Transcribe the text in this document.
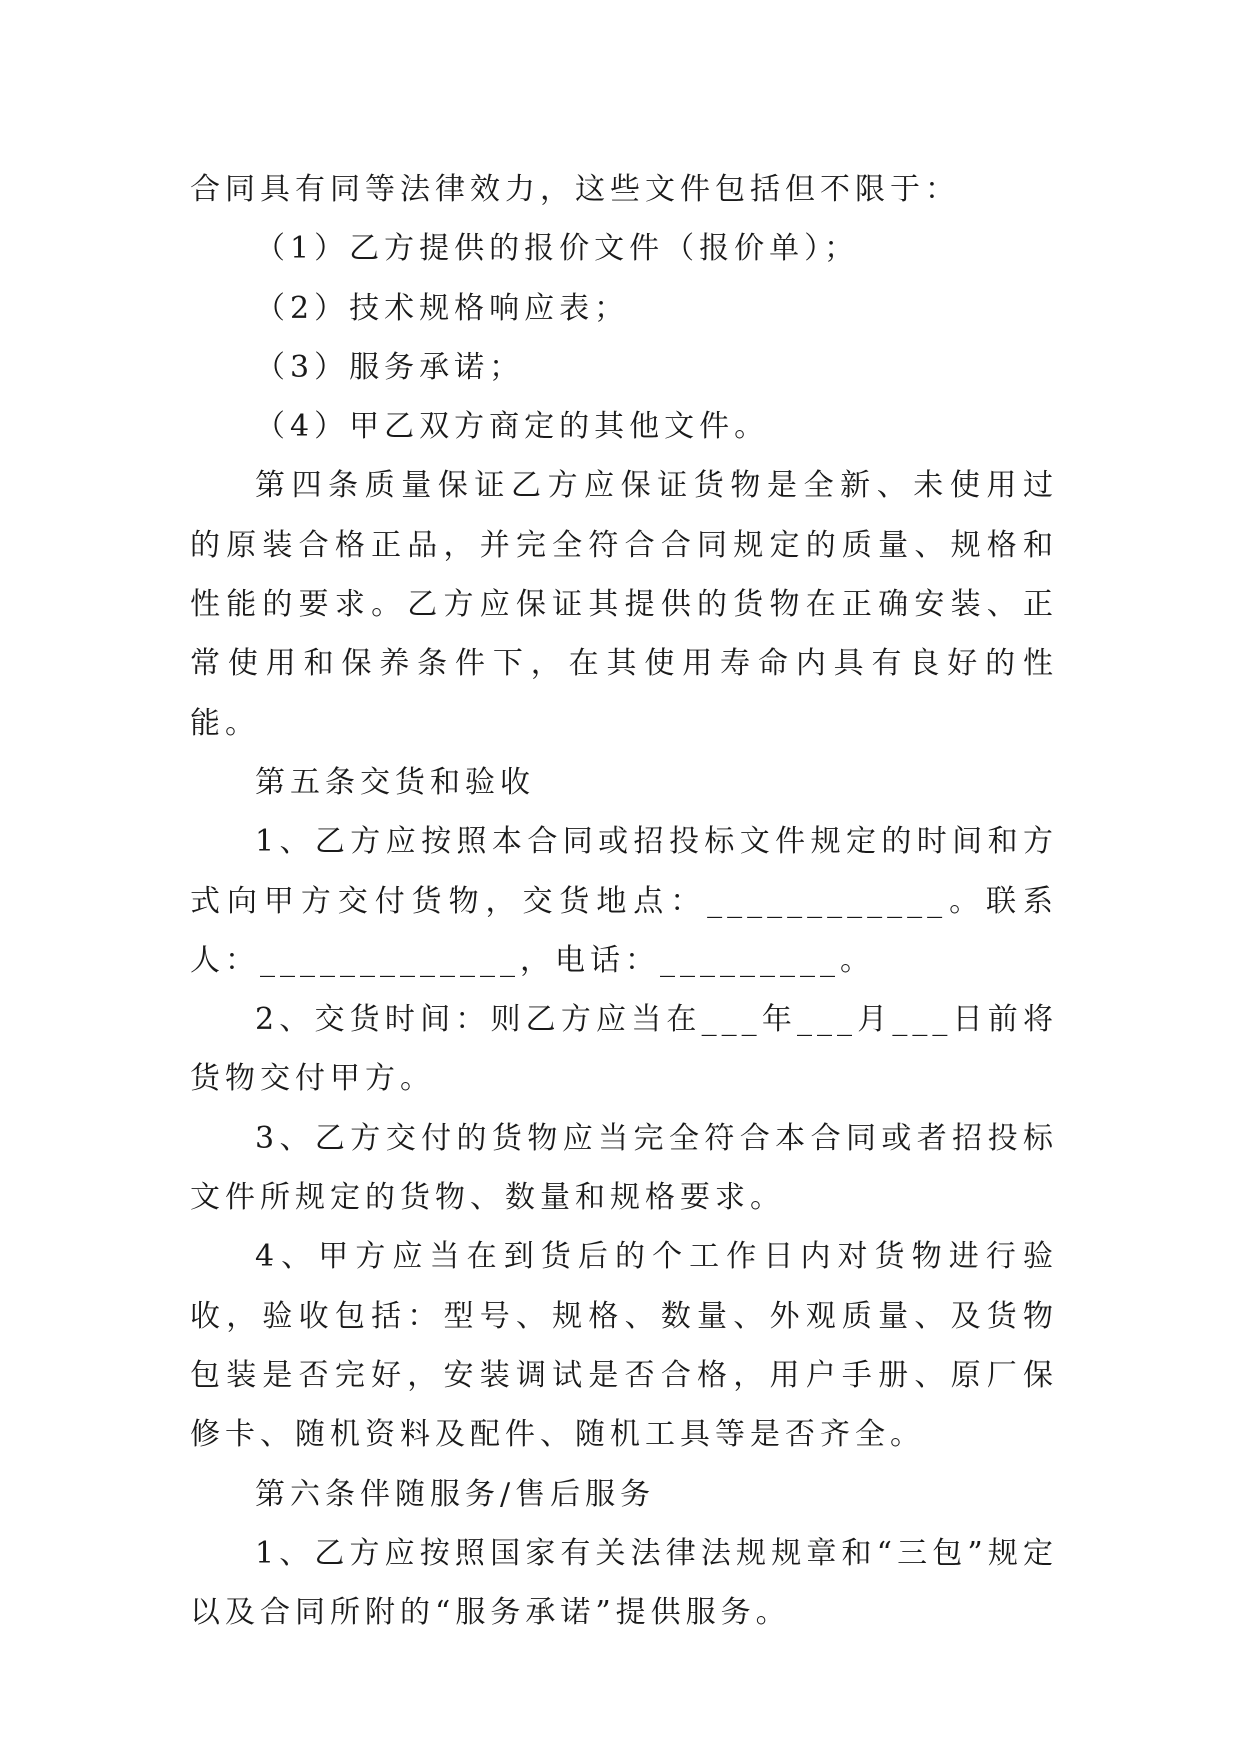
合同具有同等法律效力，这些文件包括但不限于：

（1）乙方提供的报价文件（报价单）；

（2）技术规格响应表；

（3）服务承诺；

（4）甲乙双方商定的其他文件。

第四条质量保证乙方应保证货物是全新、未使用过的原装合格正品，并完全符合合同规定的质量、规格和性能的要求。乙方应保证其提供的货物在正确安装、正常使用和保养条件下，在其使用寿命内具有良好的性能。

第五条交货和验收

1、乙方应按照本合同或招投标文件规定的时间和方式向甲方交付货物，交货地点：____________。联系人：_____________，电话：_________。

2、交货时间：则乙方应当在___年___月___日前将货物交付甲方。

3、乙方交付的货物应当完全符合本合同或者招投标文件所规定的货物、数量和规格要求。

4、甲方应当在到货后的个工作日内对货物进行验收，验收包括：型号、规格、数量、外观质量、及货物包装是否完好，安装调试是否合格，用户手册、原厂保修卡、随机资料及配件、随机工具等是否齐全。

第六条伴随服务/售后服务

1、乙方应按照国家有关法律法规规章和“三包”规定以及合同所附的“服务承诺”提供服务。
